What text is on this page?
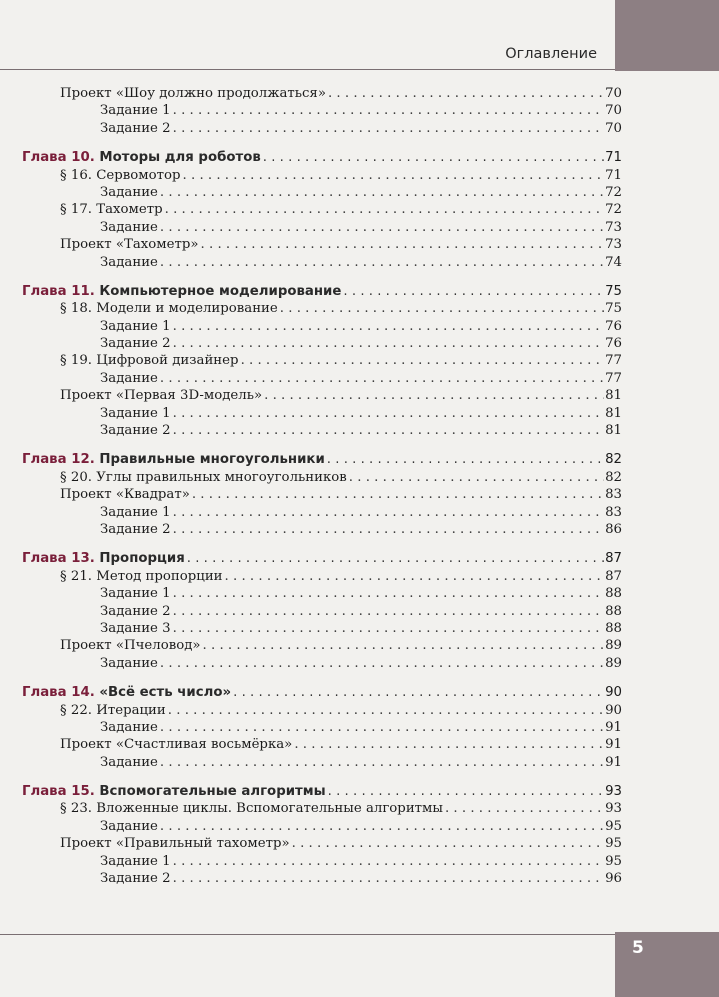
Оглавление
Проект «Шоу должно продолжаться» . . .	70
Задание 1 . . .	70
Задание 2 . . .	70
Глава 10. Моторы для роботов . . .	71
§ 16. Сервомотор . . .	71
Задание . . .	72
§ 17. Тахометр . . .	72
Задание . . .	73
Проект «Тахометр» . . .	73
Задание . . .	74
Глава 11. Компьютерное моделирование . . .	75
§ 18. Модели и моделирование . . .	75
Задание 1 . . .	76
Задание 2 . . .	76
§ 19. Цифровой дизайнер . . .	77
Задание . . .	77
Проект «Первая 3D-модель» . . .	81
Задание 1 . . .	81
Задание 2 . . .	81
Глава 12. Правильные многоугольники . . .	82
§ 20. Углы правильных многоугольников . . .	82
Проект «Квадрат» . . .	83
Задание 1 . . .	83
Задание 2 . . .	86
Глава 13. Пропорция . . .	87
§ 21. Метод пропорции . . .	87
Задание 1 . . .	88
Задание 2 . . .	88
Задание 3 . . .	88
Проект «Пчеловод» . . .	89
Задание . . .	89
Глава 14. «Всё есть число» . . .	90
§ 22. Итерации . . .	90
Задание . . .	91
Проект «Счастливая восьмёрка» . . .	91
Задание . . .	91
Глава 15. Вспомогательные алгоритмы . . .	93
§ 23. Вложенные циклы. Вспомогательные алгоритмы . . .	93
Задание . . .	95
Проект «Правильный тахометр» . . .	95
Задание 1 . . .	95
Задание 2 . . .	96
5
